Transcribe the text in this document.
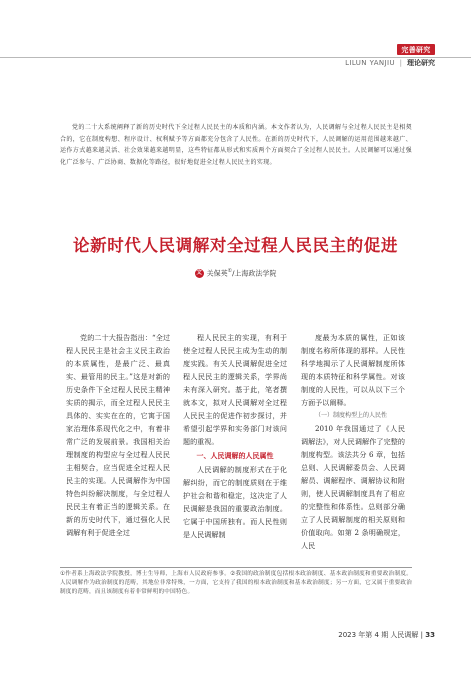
完善研究
LILUN YANJIU | 理论研究
党的二十大系统阐释了新的历史时代下全过程人民民主的本质和内涵。本文作者认为，人民调解与全过程人民民主是相契合的，它在制度构想、程序设计、权利赋予等方面都充分包含了人民性。在新的历史时代下，人民调解的运用范围越来越广、运作方式越来越灵活、社会效果越来越明显，这些特征都从形式和实质两个方面契合了全过程人民民主。人民调解可以通过强化广泛参与、广泛协商、数据化等路径，很好地促进全过程人民民主的实现。
论新时代人民调解对全过程人民民主的促进
文 关保英①/上海政法学院

党的二十大报告指出：“全过程人民民主是社会主义民主政治的本质属性，是最广泛、最真实、最管用的民主。”这是对新的历史条件下全过程人民民主精神实质的揭示，而全过程人民民主具体的、实实在在的，它寓于国家治理体系现代化之中，有着非常广泛的发展前景。我国相关治理制度的构型应与全过程人民民主相契合，应当促进全过程人民民主的实现。人民调解作为中国特色纠纷解决制度，与全过程人民民主有着正当的逻辑关系。在新的历史时代下，通过强化人民调解有利于促进全过

程人民民主的实现，有利于使全过程人民民主成为生动的制度实践。有关人民调解促进全过程人民民主的逻辑关系，学界尚未有深入研究。基于此，笔者撰就本文，拟对人民调解对全过程人民民主的促进作初步探讨，并希望引起学界和实务部门对该问题的重视。

一、人民调解的人民属性

人民调解的制度形式在于化解纠纷，而它的制度质则在于维护社会和谐和稳定，这决定了人民调解是我国的重要政治制度。它属于中国所独有。而人民性则是人民调解制

度最为本质的属性，正如该制度名称所体现的那样。人民性科学地揭示了人民调解制度所体现的本质特征和科学属性。对该制度的人民性，可以从以下三个方面予以阐释。

（一）制度构型上的人民性

2010 年我国通过了《人民调解法》，对人民调解作了完整的制度构型。该法共分 6 章，包括总则、人民调解委员会、人民调解员、调解程序、调解协议和附则，使人民调解制度具有了相应的完整性和体系性。总则部分确立了人民调解制度的相关原则和价值取向。如第 2 条明确规定，人民

①作者系上海政法学院教授，博士生导师，上海市人民政府参事。②我国的政治制度包括根本政治制度、基本政治制度和重要政治制度。人民调解作为政治制度的范畴，其地位非常特殊，一方面，它支持了我国的根本政治制度和基本政治制度；另一方面，它又属于重要政治制度的范畴，而且该制度有着非常鲜明的中国特色。
2023 年第 4 期 人民调解 | 33
